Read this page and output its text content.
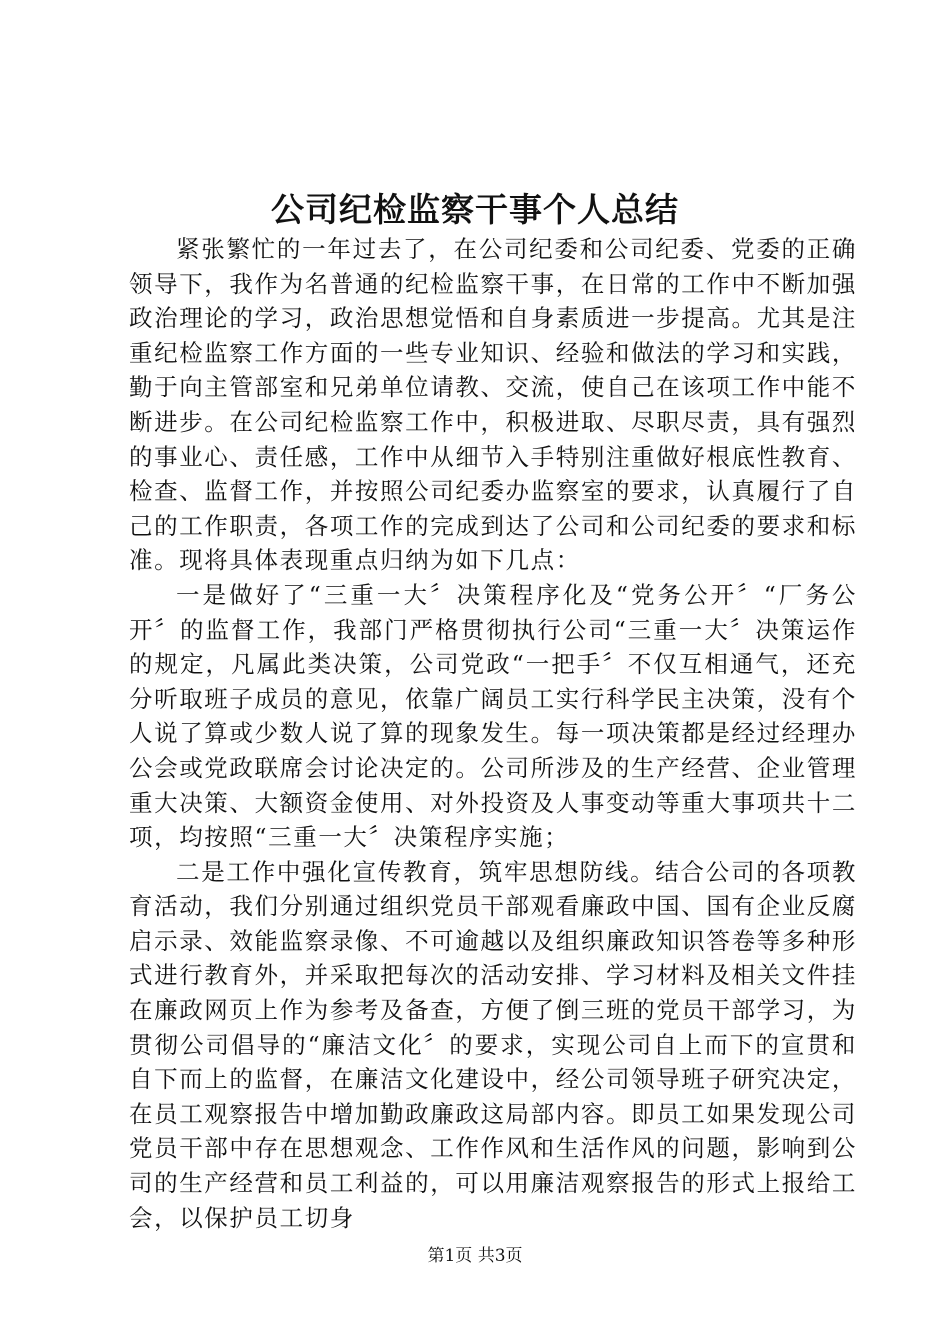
公司纪检监察干事个人总结

紧张繁忙的一年过去了，在公司纪委和公司纪委、党委的正确领导下，我作为名普通的纪检监察干事，在日常的工作中不断加强政治理论的学习，政治思想觉悟和自身素质进一步提高。尤其是注重纪检监察工作方面的一些专业知识、经验和做法的学习和实践，勤于向主管部室和兄弟单位请教、交流，使自己在该项工作中能不断进步。在公司纪检监察工作中，积极进取、尽职尽责，具有强烈的事业心、责任感，工作中从细节入手特别注重做好根底性教育、检查、监督工作，并按照公司纪委办监察室的要求，认真履行了自己的工作职责，各项工作的完成到达了公司和公司纪委的要求和标准。现将具体表现重点归纳为如下几点：

一是做好了“三重一大〞决策程序化及“党务公开〞“厂务公开〞的监督工作，我部门严格贯彻执行公司“三重一大〞决策运作的规定，凡属此类决策，公司党政“一把手〞不仅互相通气，还充分听取班子成员的意见，依靠广阔员工实行科学民主决策，没有个人说了算或少数人说了算的现象发生。每一项决策都是经过经理办公会或党政联席会讨论决定的。公司所涉及的生产经营、企业管理重大决策、大额资金使用、对外投资及人事变动等重大事项共十二项，均按照“三重一大〞决策程序实施；

二是工作中强化宣传教育，筑牢思想防线。结合公司的各项教育活动，我们分别通过组织党员干部观看廉政中国、国有企业反腐启示录、效能监察录像、不可逾越以及组织廉政知识答卷等多种形式进行教育外，并采取把每次的活动安排、学习材料及相关文件挂在廉政网页上作为参考及备查，方便了倒三班的党员干部学习，为贯彻公司倡导的“廉洁文化〞的要求，实现公司自上而下的宣贯和自下而上的监督，在廉洁文化建设中，经公司领导班子研究决定，在员工观察报告中增加勤政廉政这局部内容。即员工如果发现公司党员干部中存在思想观念、工作作风和生活作风的问题，影响到公司的生产经营和员工利益的，可以用廉洁观察报告的形式上报给工会，以保护员工切身

第1页 共3页
